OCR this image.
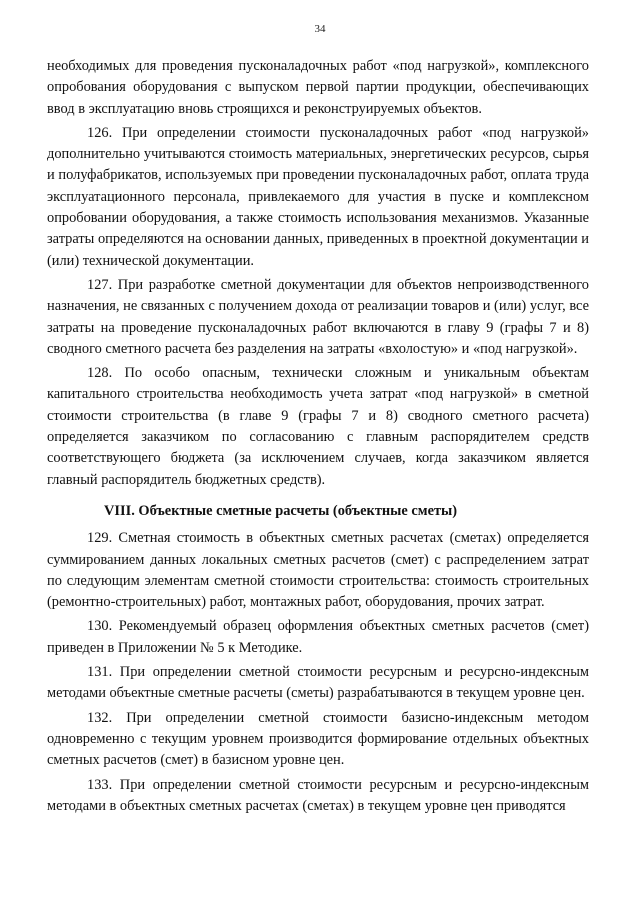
34

необходимых для проведения пусконаладочных работ «под нагрузкой», комплексного опробования оборудования с выпуском первой партии продукции, обеспечивающих ввод в эксплуатацию вновь строящихся и реконструируемых объектов.

126. При определении стоимости пусконаладочных работ «под нагрузкой» дополнительно учитываются стоимость материальных, энергетических ресурсов, сырья и полуфабрикатов, используемых при проведении пусконаладочных работ, оплата труда эксплуатационного персонала, привлекаемого для участия в пуске и комплексном опробовании оборудования, а также стоимость использования механизмов. Указанные затраты определяются на основании данных, приведенных в проектной документации и (или) технической документации.

127. При разработке сметной документации для объектов непроизводственного назначения, не связанных с получением дохода от реализации товаров и (или) услуг, все затраты на проведение пусконаладочных работ включаются в главу 9 (графы 7 и 8) сводного сметного расчета без разделения на затраты «вхолостую» и «под нагрузкой».

128. По особо опасным, технически сложным и уникальным объектам капитального строительства необходимость учета затрат «под нагрузкой» в сметной стоимости строительства (в главе 9 (графы 7 и 8) сводного сметного расчета) определяется заказчиком по согласованию с главным распорядителем средств соответствующего бюджета (за исключением случаев, когда заказчиком является главный распорядитель бюджетных средств).

VIII. Объектные сметные расчеты (объектные сметы)

129. Сметная стоимость в объектных сметных расчетах (сметах) определяется суммированием данных локальных сметных расчетов (смет) с распределением затрат по следующим элементам сметной стоимости строительства: стоимость строительных (ремонтно-строительных) работ, монтажных работ, оборудования, прочих затрат.

130. Рекомендуемый образец оформления объектных сметных расчетов (смет) приведен в Приложении № 5 к Методике.

131. При определении сметной стоимости ресурсным и ресурсно-индексным методами объектные сметные расчеты (сметы) разрабатываются в текущем уровне цен.

132. При определении сметной стоимости базисно-индексным методом одновременно с текущим уровнем производится формирование отдельных объектных сметных расчетов (смет) в базисном уровне цен.

133. При определении сметной стоимости ресурсным и ресурсно-индексным методами в объектных сметных расчетах (сметах) в текущем уровне цен приводятся
